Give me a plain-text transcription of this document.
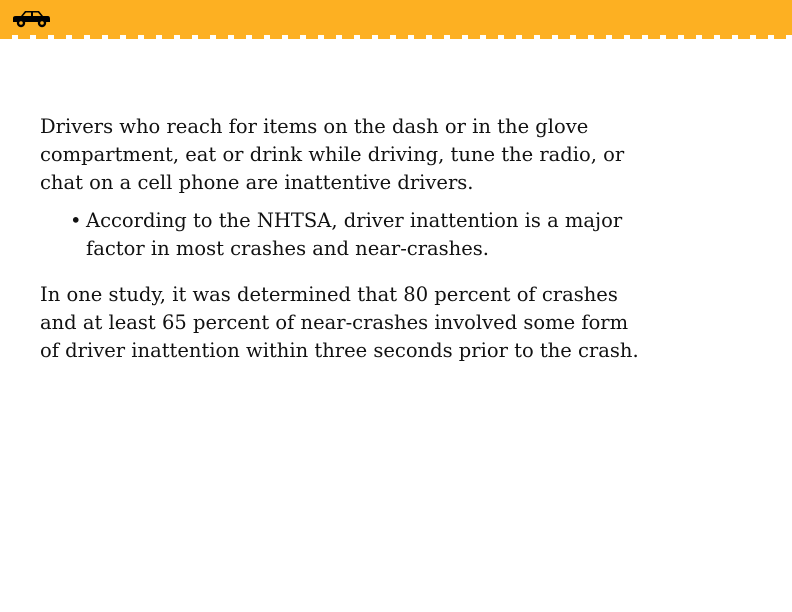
Drivers who reach for items on the dash or in the glove compartment, eat or drink while driving, tune the radio, or chat on a cell phone are inattentive drivers.

• According to the NHTSA, driver inattention is a major factor in most crashes and near-crashes.

In one study, it was determined that 80 percent of crashes and at least 65 percent of near-crashes involved some form of driver inattention within three seconds prior to the crash.
